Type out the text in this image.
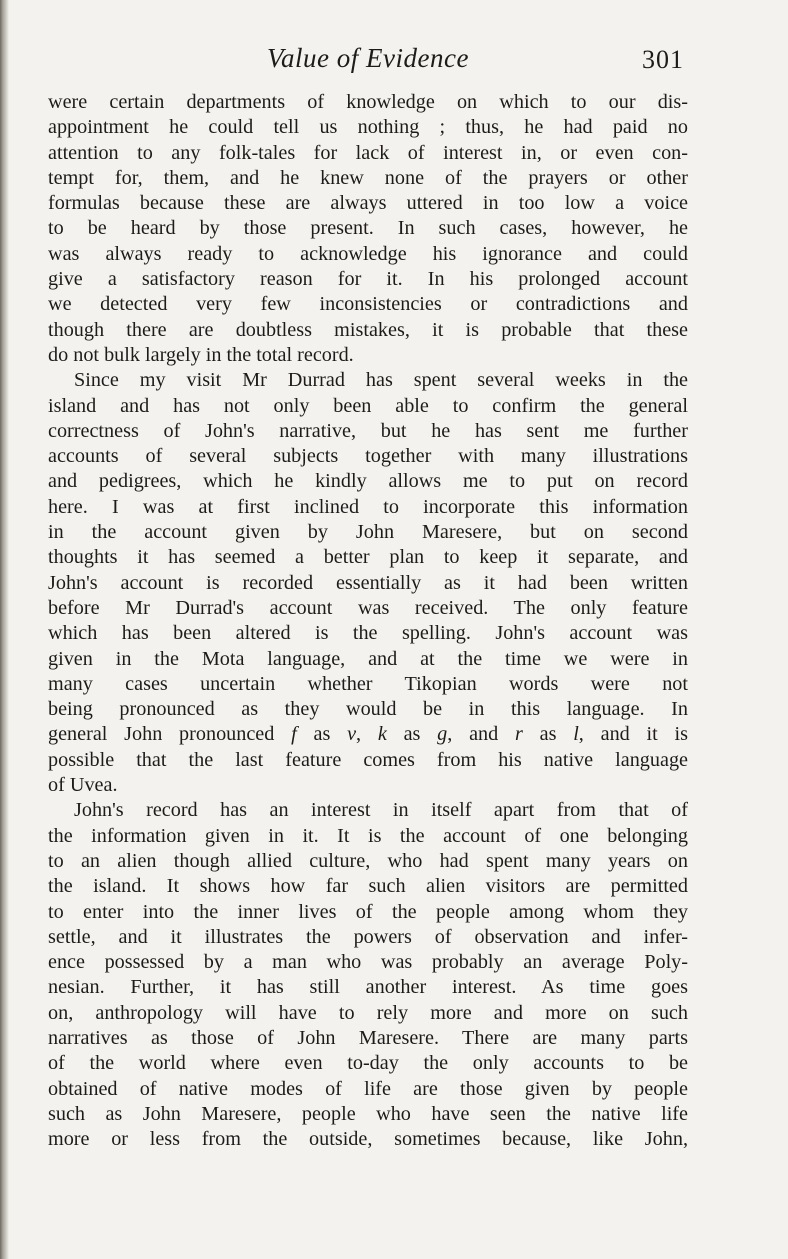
Value of Evidence	301

were certain departments of knowledge on which to our dis-
appointment he could tell us nothing ; thus, he had paid no
attention to any folk-tales for lack of interest in, or even con-
tempt for, them, and he knew none of the prayers or other
formulas because these are always uttered in too low a voice
to be heard by those present. In such cases, however, he
was always ready to acknowledge his ignorance and could
give a satisfactory reason for it. In his prolonged account
we detected very few inconsistencies or contradictions and
though there are doubtless mistakes, it is probable that these
do not bulk largely in the total record.

Since my visit Mr Durrad has spent several weeks in the
island and has not only been able to confirm the general
correctness of John's narrative, but he has sent me further
accounts of several subjects together with many illustrations
and pedigrees, which he kindly allows me to put on record
here. I was at first inclined to incorporate this information
in the account given by John Maresere, but on second
thoughts it has seemed a better plan to keep it separate, and
John's account is recorded essentially as it had been written
before Mr Durrad's account was received. The only feature
which has been altered is the spelling. John's account was
given in the Mota language, and at the time we were in
many cases uncertain whether Tikopian words were not
being pronounced as they would be in this language. In
general John pronounced f as v, k as g, and r as l, and it is
possible that the last feature comes from his native language
of Uvea.

John's record has an interest in itself apart from that of
the information given in it. It is the account of one belonging
to an alien though allied culture, who had spent many years on
the island. It shows how far such alien visitors are permitted
to enter into the inner lives of the people among whom they
settle, and it illustrates the powers of observation and infer-
ence possessed by a man who was probably an average Poly-
nesian. Further, it has still another interest. As time goes
on, anthropology will have to rely more and more on such
narratives as those of John Maresere. There are many parts
of the world where even to-day the only accounts to be
obtained of native modes of life are those given by people
such as John Maresere, people who have seen the native life
more or less from the outside, sometimes because, like John,
